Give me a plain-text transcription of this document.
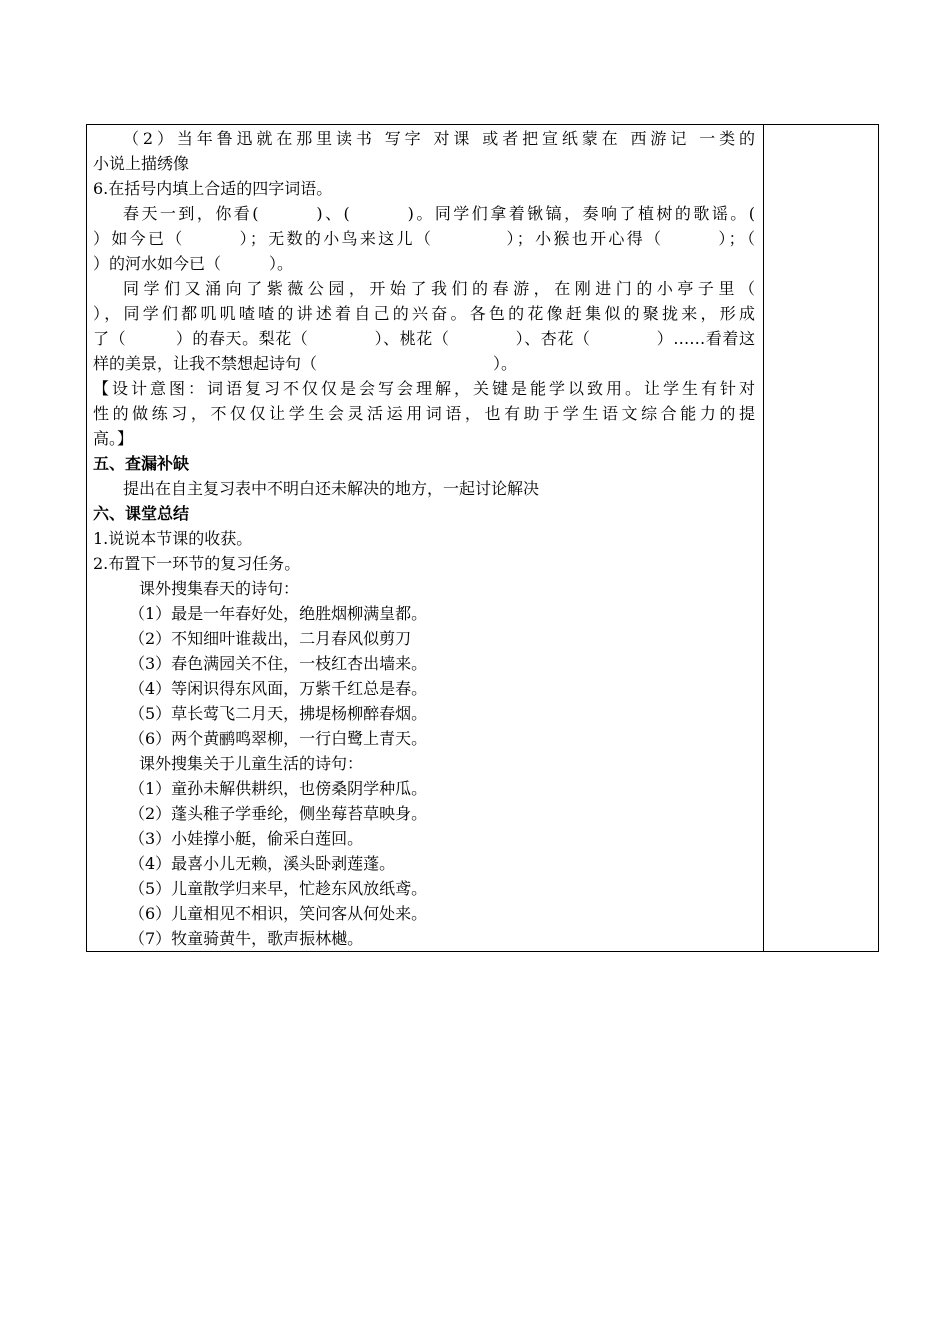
（2）当年鲁迅就在那里读书 写字 对课 或者把宣纸蒙在 西游记 一类的
小说上描绣像
6.在括号内填上合适的四字词语。
春天一到，你看(　　　)、(　　　)。同学们拿着锹镐，奏响了植树的歌谣。(
）如今已（　　　）；无数的小鸟来这儿（　　　　）；小猴也开心得（　　　）；（
）的河水如今已（　　　）。
同学们又涌向了紫薇公园，开始了我们的春游，在刚进门的小亭子里（
），同学们都叽叽喳喳的讲述着自己的兴奋。各色的花像赶集似的聚拢来，形成
了（　　　）的春天。梨花（　　　　）、桃花（　　　　）、杏花（　　　　）……看着这
样的美景，让我不禁想起诗句（　　　　　　　　　　　）。
【设计意图：词语复习不仅仅是会写会理解，关键是能学以致用。让学生有针对
性的做练习，不仅仅让学生会灵活运用词语，也有助于学生语文综合能力的提
高。】
五、查漏补缺
提出在自主复习表中不明白还未解决的地方，一起讨论解决
六、课堂总结
1.说说本节课的收获。
2.布置下一环节的复习任务。
课外搜集春天的诗句：
（1）最是一年春好处，绝胜烟柳满皇都。
（2）不知细叶谁裁出，二月春风似剪刀
（3）春色满园关不住，一枝红杏出墙来。
（4）等闲识得东风面，万紫千红总是春。
（5）草长莺飞二月天，拂堤杨柳醉春烟。
（6）两个黄鹂鸣翠柳，一行白鹭上青天。
课外搜集关于儿童生活的诗句：
（1）童孙未解供耕织，也傍桑阴学种瓜。
（2）蓬头稚子学垂纶，侧坐莓苔草映身。
（3）小娃撑小艇，偷采白莲回。
（4）最喜小儿无赖，溪头卧剥莲蓬。
（5）儿童散学归来早，忙趁东风放纸鸢。
（6）儿童相见不相识，笑问客从何处来。
（7）牧童骑黄牛，歌声振林樾。
